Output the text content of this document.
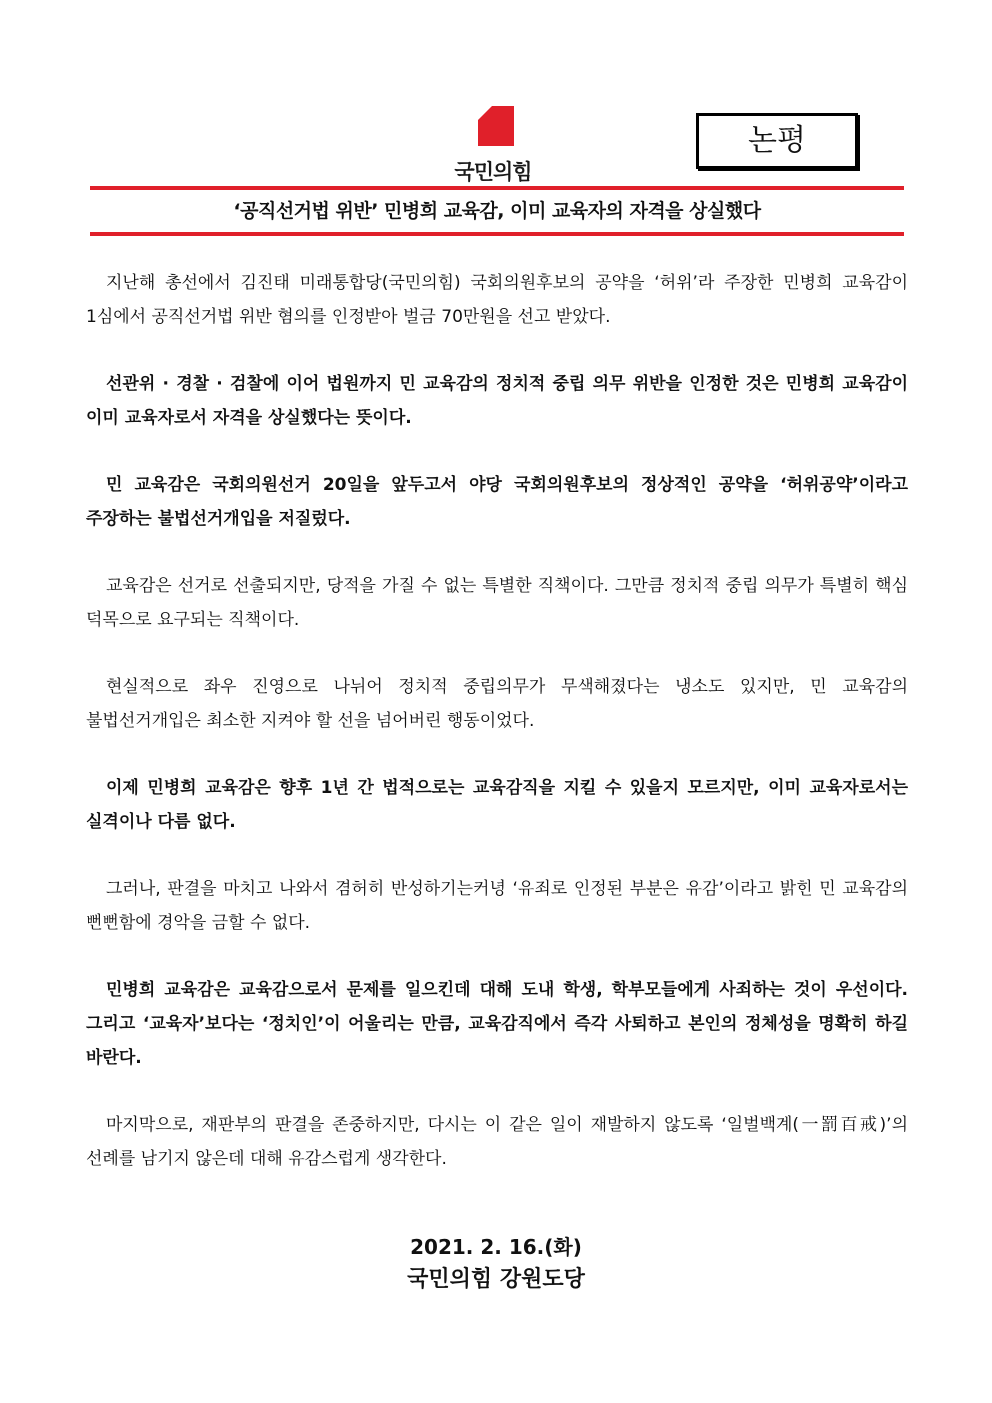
국민의힘
논평
‘공직선거법 위반’ 민병희 교육감, 이미 교육자의 자격을 상실했다

지난해 총선에서 김진태 미래통합당(국민의힘) 국회의원후보의 공약을 ‘허위’라 주장한 민병희 교육감이 1심에서 공직선거법 위반 혐의를 인정받아 벌금 70만원을 선고 받았다.

선관위 · 경찰 · 검찰에 이어 법원까지 민 교육감의 정치적 중립 의무 위반을 인정한 것은 민병희 교육감이 이미 교육자로서 자격을 상실했다는 뜻이다.

민 교육감은 국회의원선거 20일을 앞두고서 야당 국회의원후보의 정상적인 공약을 ‘허위공약’이라고 주장하는 불법선거개입을 저질렀다.

교육감은 선거로 선출되지만, 당적을 가질 수 없는 특별한 직책이다. 그만큼 정치적 중립 의무가 특별히 핵심 덕목으로 요구되는 직책이다.

현실적으로 좌우 진영으로 나뉘어 정치적 중립의무가 무색해졌다는 냉소도 있지만, 민 교육감의 불법선거개입은 최소한 지켜야 할 선을 넘어버린 행동이었다.

이제 민병희 교육감은 향후 1년 간 법적으로는 교육감직을 지킬 수 있을지 모르지만, 이미 교육자로서는 실격이나 다름 없다.

그러나, 판결을 마치고 나와서 겸허히 반성하기는커녕 ‘유죄로 인정된 부분은 유감’이라고 밝힌 민 교육감의 뻔뻔함에 경악을 금할 수 없다.

민병희 교육감은 교육감으로서 문제를 일으킨데 대해 도내 학생, 학부모들에게 사죄하는 것이 우선이다. 그리고 ‘교육자’보다는 ‘정치인’이 어울리는 만큼, 교육감직에서 즉각 사퇴하고 본인의 정체성을 명확히 하길 바란다.

마지막으로, 재판부의 판결을 존중하지만, 다시는 이 같은 일이 재발하지 않도록 ‘일벌백계(一罰百戒)’의 선례를 남기지 않은데 대해 유감스럽게 생각한다.

2021. 2. 16.(화)
국민의힘 강원도당
